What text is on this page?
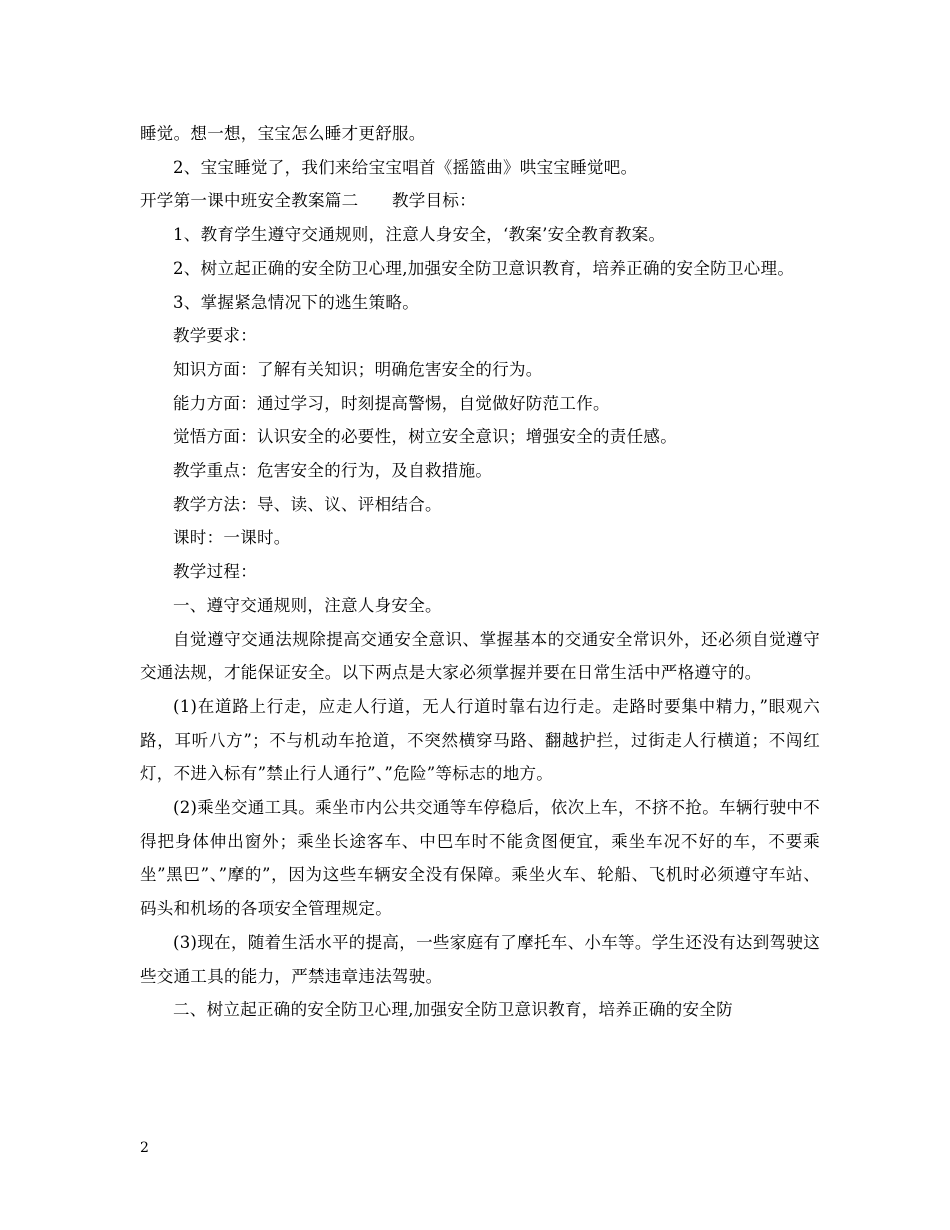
睡觉。想一想，宝宝怎么睡才更舒服。

2、宝宝睡觉了，我们来给宝宝唱首《摇篮曲》哄宝宝睡觉吧。

开学第一课中班安全教案篇二　　教学目标：

1、教育学生遵守交通规则，注意人身安全，‘教案’安全教育教案。

2、树立起正确的安全防卫心理,加强安全防卫意识教育，培养正确的安全防卫心理。

3、掌握紧急情况下的逃生策略。

教学要求：

知识方面：了解有关知识；明确危害安全的行为。

能力方面：通过学习，时刻提高警惕，自觉做好防范工作。

觉悟方面：认识安全的必要性，树立安全意识；增强安全的责任感。

教学重点：危害安全的行为，及自救措施。

教学方法：导、读、议、评相结合。

课时：一课时。

教学过程：

一、遵守交通规则，注意人身安全。

自觉遵守交通法规除提高交通安全意识、掌握基本的交通安全常识外，还必须自觉遵守交通法规，才能保证安全。以下两点是大家必须掌握并要在日常生活中严格遵守的。

(1)在道路上行走，应走人行道，无人行道时靠右边行走。走路时要集中精力，”眼观六路，耳听八方”；不与机动车抢道，不突然横穿马路、翻越护拦，过街走人行横道；不闯红灯，不进入标有”禁止行人通行”、”危险”等标志的地方。

(2)乘坐交通工具。乘坐市内公共交通等车停稳后，依次上车，不挤不抢。车辆行驶中不得把身体伸出窗外；乘坐长途客车、中巴车时不能贪图便宜，乘坐车况不好的车，不要乘坐”黑巴”、”摩的”，因为这些车辆安全没有保障。乘坐火车、轮船、飞机时必须遵守车站、码头和机场的各项安全管理规定。

(3)现在，随着生活水平的提高，一些家庭有了摩托车、小车等。学生还没有达到驾驶这些交通工具的能力，严禁违章违法驾驶。

二、树立起正确的安全防卫心理,加强安全防卫意识教育，培养正确的安全防

2
